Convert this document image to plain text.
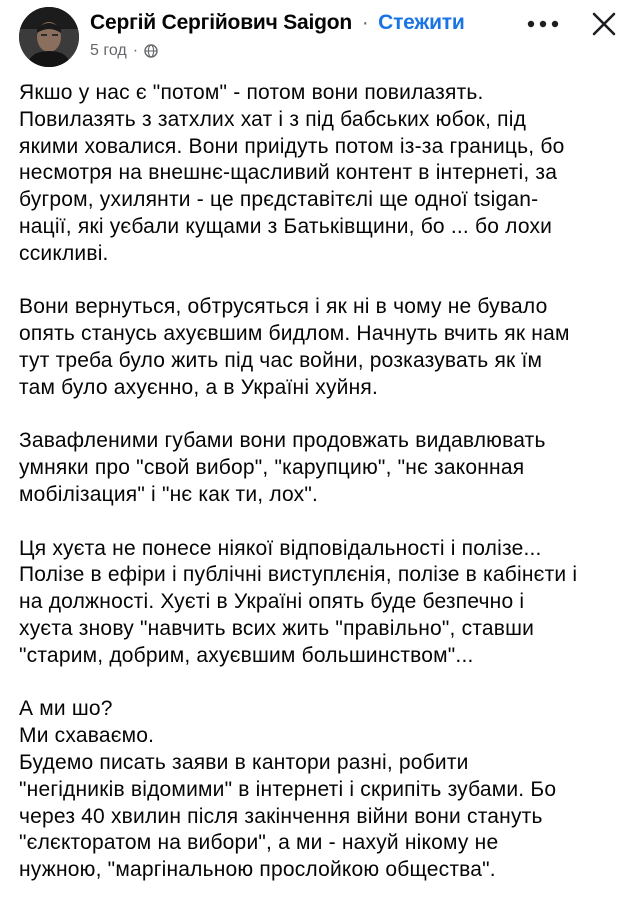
Сергій Сергійович Saigon · Стежити
5 год ·

Якшо у нас є "потом" - потом вони повилазять.
Повилазять з затхлих хат і з під бабських юбок, під
якими ховалися. Вони приідуть потом із-за границь, бо
несмотря на внешнє-щасливий контент в інтернеті, за
бугром, ухилянти - це прєдставітєлі ще одної tsigan-
нації, які уєбали кущами з Батьківщини, бо ... бо лохи
ссикливі.

Вони вернуться, обтрусяться і як ні в чому не бувало
опять станусь ахуєвшим бидлом. Начнуть вчить як нам
тут треба було жить під час войни, розказувать як їм
там було ахуєнно, а в Україні хуйня.

Завафленими губами вони продовжать видавлювать
умняки про "свой вибор", "карупцию", "нє законная
мобілізация" і "нє как ти, лох".

Ця хуєта не понесе ніякої відповідальності і полізе...
Полізе в ефіри і публічні виступлєнія, полізе в кабінєти і
на должності. Хуєті в Україні опять буде безпечно і
хуєта знову "навчить всих жить "правільно", ставши
"старим, добрим, ахуєвшим большинством"...

А ми шо?
Ми схаваємо.
Будемо писать заяви в кантори разні, робити
"негідників відомими" в інтернеті і скрипіть зубами. Бо
через 40 хвилин після закінчення війни вони стануть
"єлєкторатом на вибори", а ми - нахуй нікому не
нужною, "маргінальною прослойкою общества".
